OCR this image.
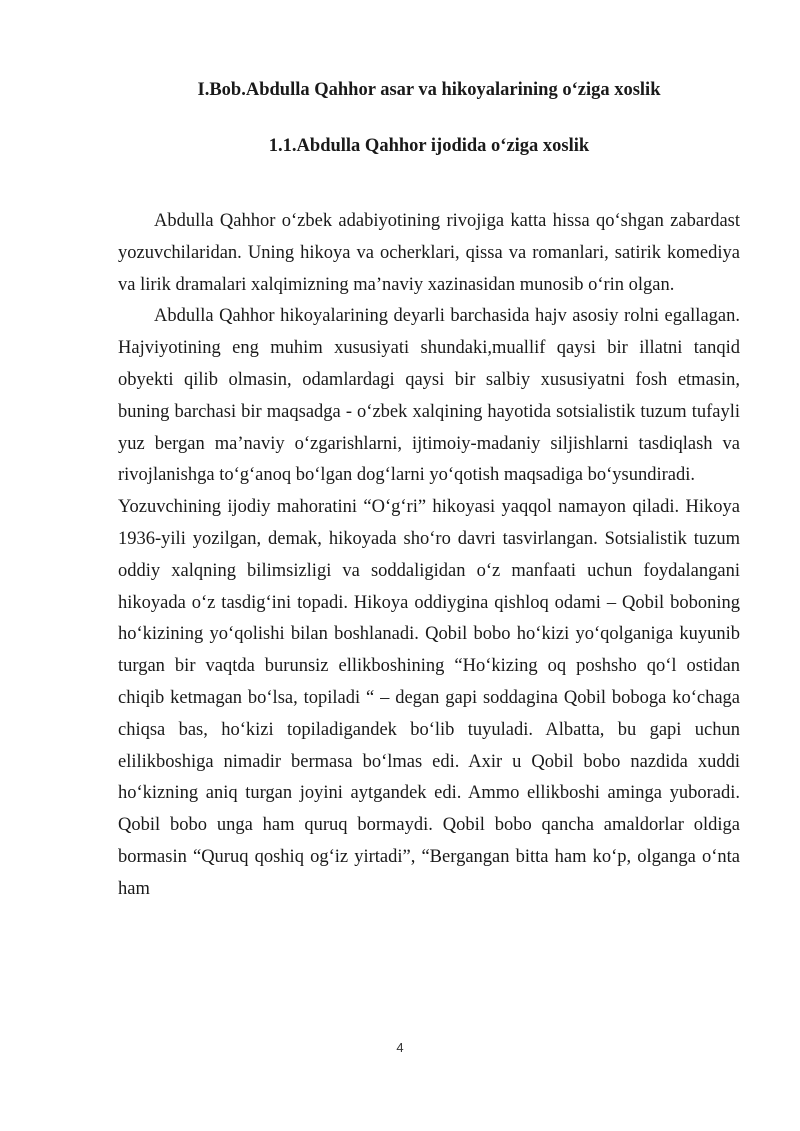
I.Bob.Abdulla Qahhor asar va hikoyalarining o‘ziga xoslik
1.1.Abdulla Qahhor ijodida o‘ziga xoslik

Abdulla Qahhor o‘zbek adabiyotining rivojiga katta hissa qo‘shgan zabardast yozuvchilaridan. Uning hikoya va ocherklari, qissa va romanlari, satirik komediya va lirik dramalari xalqimizning ma’naviy xazinasidan munosib o‘rin olgan.

Abdulla Qahhor hikoyalarining deyarli barchasida hajv asosiy rolni egallagan. Hajviyotining eng muhim xususiyati shundaki,muallif qaysi bir illatni tanqid obyekti qilib olmasin, odamlardagi qaysi bir salbiy xususiyatni fosh etmasin, buning barchasi bir maqsadga - o‘zbek xalqining hayotida sotsialistik tuzum tufayli yuz bergan ma’naviy o‘zgarishlarni, ijtimoiy-madaniy siljishlarni tasdiqlash va rivojlanishga to‘g‘anoq bo‘lgan dog‘larni yo‘qotish maqsadiga bo‘ysundiradi.

Yozuvchining ijodiy mahoratini “O‘g‘ri” hikoyasi yaqqol namayon qiladi. Hikoya 1936-yili yozilgan, demak, hikoyada sho‘ro davri tasvirlangan. Sotsialistik tuzum oddiy xalqning bilimsizligi va soddaligidan o‘z manfaati uchun foydalangani hikoyada o‘z tasdig‘ini topadi. Hikoya oddiygina qishloq odami – Qobil boboning ho‘kizining yo‘qolishi bilan boshlanadi. Qobil bobo ho‘kizi yo‘qolganiga kuyunib turgan bir vaqtda burunsiz ellikboshining “Ho‘kizing oq poshsho qo‘l ostidan chiqib ketmagan bo‘lsa, topiladi “ – degan gapi soddagina Qobil boboga ko‘chaga chiqsa bas, ho‘kizi topiladigandek bo‘lib tuyuladi. Albatta, bu gapi uchun elilikboshiga nimadir bermasa bo‘lmas edi. Axir u Qobil bobo nazdida xuddi ho‘kizning aniq turgan joyini aytgandek edi. Ammo ellikboshi aminga yuboradi. Qobil bobo unga ham quruq bormaydi. Qobil bobo qancha amaldorlar oldiga bormasin “Quruq qoshiq og‘iz yirtadi”, “Bergangan bitta ham ko‘p, olganga o‘nta ham

4
